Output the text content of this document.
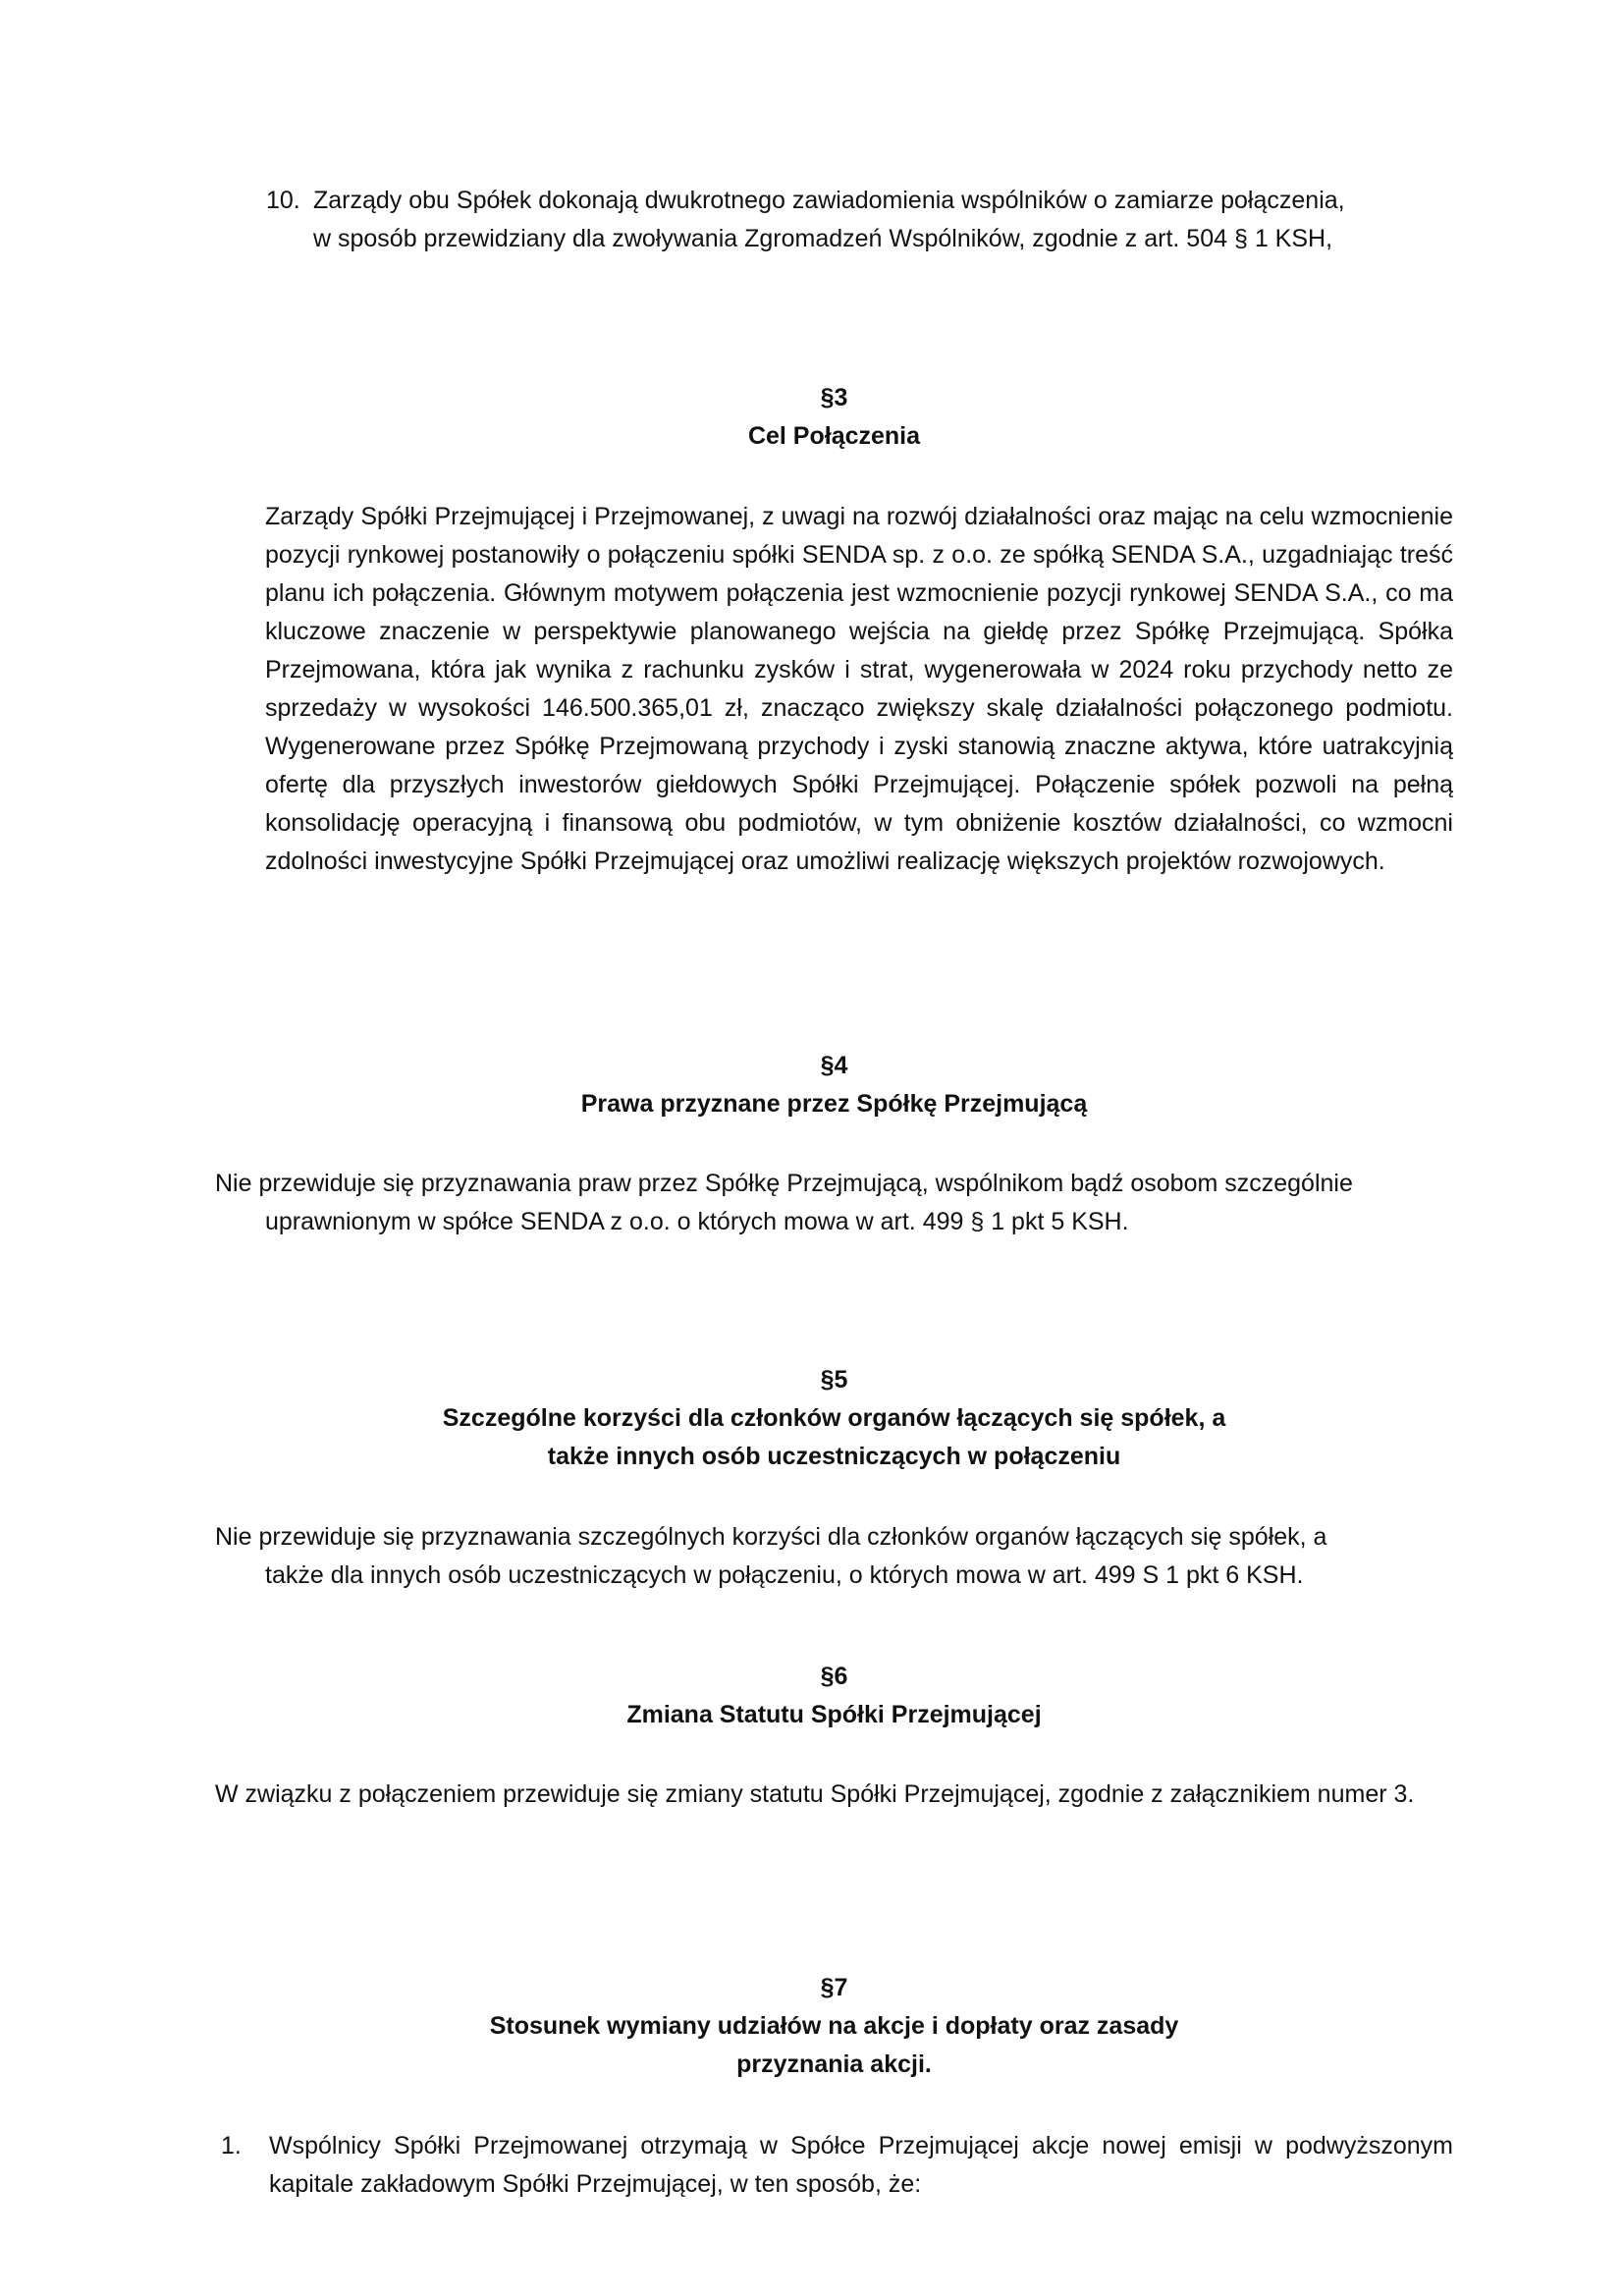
10. Zarządy obu Spółek dokonają dwukrotnego zawiadomienia wspólników o zamiarze połączenia,
w sposób przewidziany dla zwoływania Zgromadzeń Wspólników, zgodnie z art. 504 § 1 KSH,
§3
Cel Połączenia
Zarządy Spółki Przejmującej i Przejmowanej, z uwagi na rozwój działalności oraz mając na celu wzmocnienie pozycji rynkowej postanowiły o połączeniu spółki SENDA sp. z o.o. ze spółką SENDA S.A., uzgadniając treść planu ich połączenia. Głównym motywem połączenia jest wzmocnienie pozycji rynkowej SENDA S.A., co ma kluczowe znaczenie w perspektywie planowanego wejścia na giełdę przez Spółkę Przejmującą. Spółka Przejmowana, która jak wynika z rachunku zysków i strat, wygenerowała w 2024 roku przychody netto ze sprzedaży w wysokości 146.500.365,01 zł, znacząco zwiększy skalę działalności połączonego podmiotu. Wygenerowane przez Spółkę Przejmowaną przychody i zyski stanowią znaczne aktywa, które uatrakcyjnią ofertę dla przyszłych inwestorów giełdowych Spółki Przejmującej. Połączenie spółek pozwoli na pełną konsolidację operacyjną i finansową obu podmiotów, w tym obniżenie kosztów działalności, co wzmocni zdolności inwestycyjne Spółki Przejmującej oraz umożliwi realizację większych projektów rozwojowych.
§4
Prawa przyznane przez Spółkę Przejmującą
Nie przewiduje się przyznawania praw przez Spółkę Przejmującą, wspólnikom bądź osobom szczególnie
uprawnionym w spółce SENDA z o.o. o których mowa w art. 499 § 1 pkt 5 KSH.
§5
Szczególne korzyści dla członków organów łączących się spółek, a
także innych osób uczestniczących w połączeniu
Nie przewiduje się przyznawania szczególnych korzyści dla członków organów łączących się spółek, a
także dla innych osób uczestniczących w połączeniu, o których mowa w art. 499 S 1 pkt 6 KSH.
§6
Zmiana Statutu Spółki Przejmującej
W związku z połączeniem przewiduje się zmiany statutu Spółki Przejmującej, zgodnie z załącznikiem numer 3.
§7
Stosunek wymiany udziałów na akcje i dopłaty oraz zasady
przyznania akcji.
1.	Wspólnicy Spółki Przejmowanej otrzymają w Spółce Przejmującej akcje nowej emisji w podwyższonym kapitale zakładowym Spółki Przejmującej, w ten sposób, że:
